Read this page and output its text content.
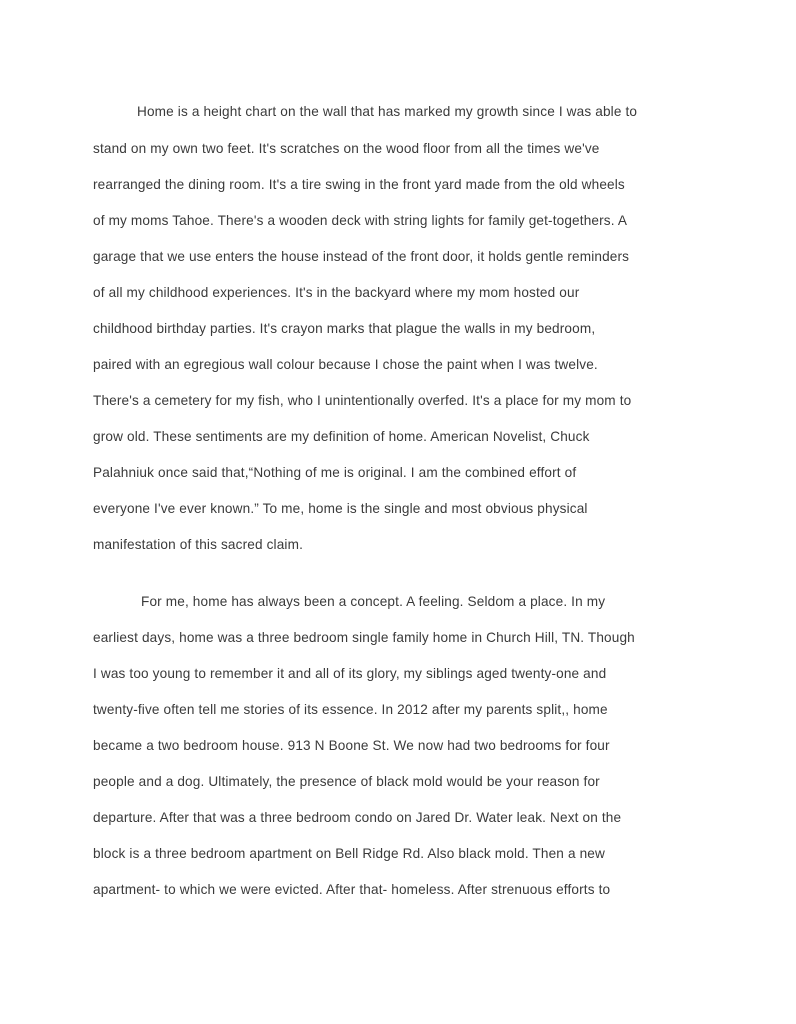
Home is a height chart on the wall that has marked my growth since I was able to
stand on my own two feet. It's scratches on the wood floor from all the times we've
rearranged the dining room. It's a tire swing in the front yard made from the old wheels
of my moms Tahoe. There's a wooden deck with string lights for family get-togethers. A
garage that we use enters the house instead of the front door, it holds gentle reminders
of all my childhood experiences. It's in the backyard where my mom hosted our
childhood birthday parties. It's crayon marks that plague the walls in my bedroom,
paired with an egregious wall colour because I chose the paint when I was twelve.
There's a cemetery for my fish, who I unintentionally overfed. It's a place for my mom to
grow old. These sentiments are my definition of home. American Novelist, Chuck
Palahniuk once said that,“Nothing of me is original. I am the combined effort of
everyone I've ever known.” To me, home is the single and most obvious physical
manifestation of this sacred claim.
For me, home has always been a concept. A feeling. Seldom a place. In my
earliest days, home was a three bedroom single family home in Church Hill, TN. Though
I was too young to remember it and all of its glory, my siblings aged twenty-one and
twenty-five often tell me stories of its essence. In 2012 after my parents split,, home
became a two bedroom house. 913 N Boone St. We now had two bedrooms for four
people and a dog. Ultimately, the presence of black mold would be your reason for
departure. After that was a three bedroom condo on Jared Dr. Water leak. Next on the
block is a three bedroom apartment on Bell Ridge Rd. Also black mold. Then a new
apartment- to which we were evicted. After that- homeless. After strenuous efforts to
